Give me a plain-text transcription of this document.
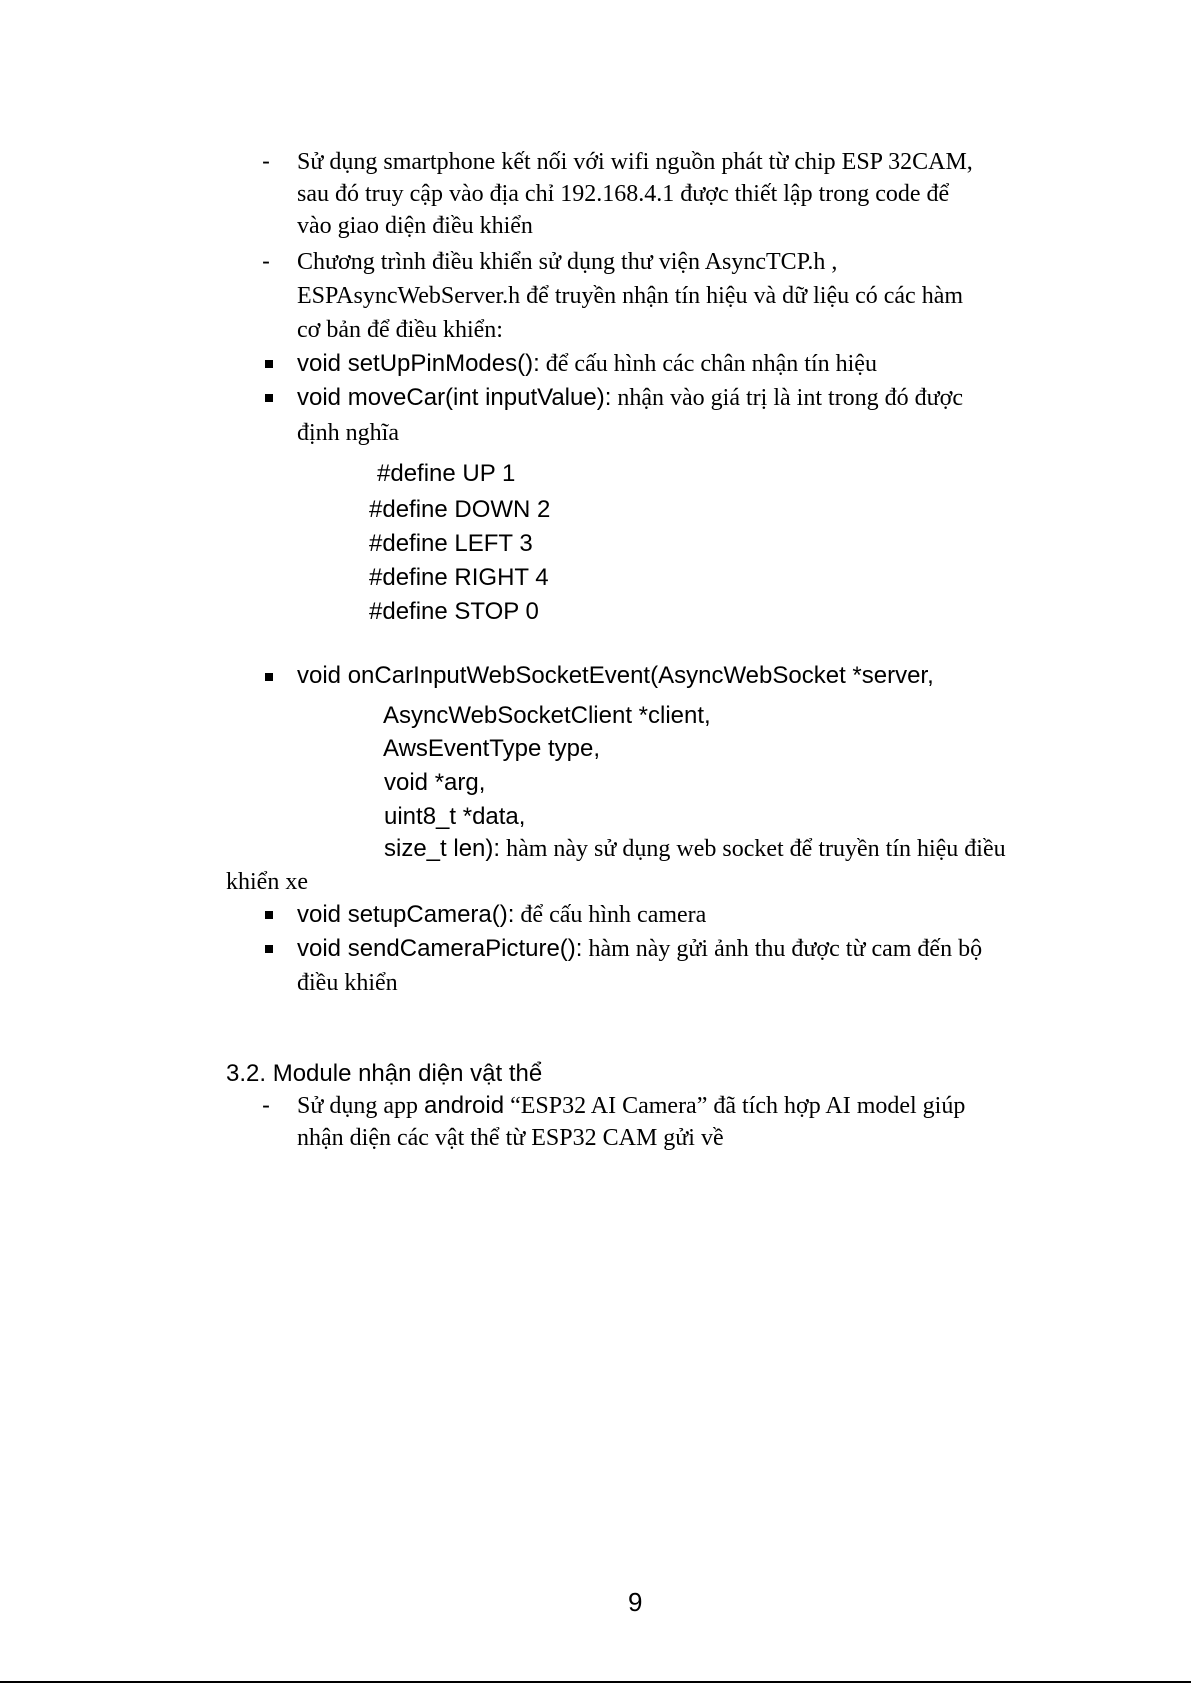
- Sử dụng smartphone kết nối với wifi nguồn phát từ chip ESP 32CAM,
sau đó truy cập vào địa chỉ 192.168.4.1 được thiết lập trong code để
vào giao diện điều khiển
- Chương trình điều khiển sử dụng thư viện AsyncTCP.h ,
ESPAsyncWebServer.h để truyền nhận tín hiệu và dữ liệu có các hàm
cơ bản để điều khiển:
void setUpPinModes(): để cấu hình các chân nhận tín hiệu
void moveCar(int inputValue): nhận vào giá trị là int trong đó được
định nghĩa
#define UP 1
#define DOWN 2
#define LEFT 3
#define RIGHT 4
#define STOP 0
void onCarInputWebSocketEvent(AsyncWebSocket *server,
AsyncWebSocketClient *client,
AwsEventType type,
void *arg,
uint8_t *data,
size_t len): hàm này sử dụng web socket để truyền tín hiệu điều
khiển xe
void setupCamera(): để cấu hình camera
void sendCameraPicture(): hàm này gửi ảnh thu được từ cam đến bộ
điều khiển
3.2. Module nhận diện vật thể
- Sử dụng app android “ESP32 AI Camera” đã tích hợp AI model giúp
nhận diện các vật thể từ ESP32 CAM gửi về
9
